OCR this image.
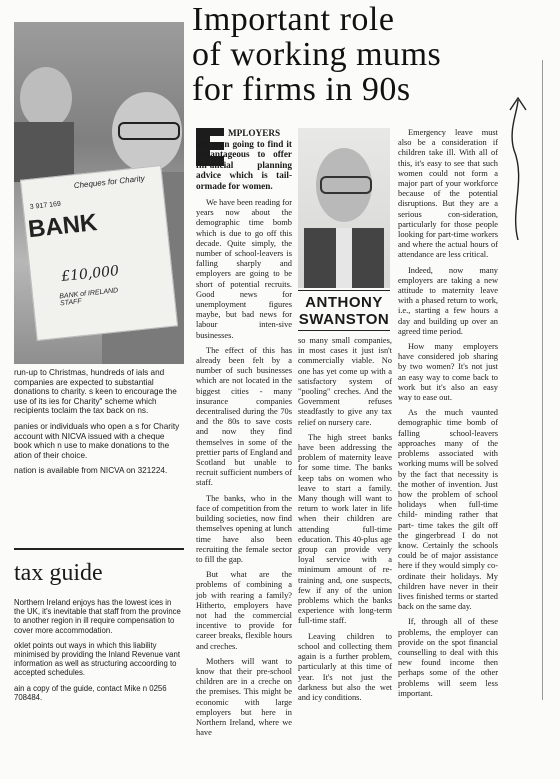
Cheques for Charity
3 917 169
BANK
£10,000
BANK of IRELAND STAFF

run-up to Christmas, hundreds of ials and companies are expected to substantial donations to charity. s keen to encourage the use of its ies for Charity" scheme which recipients toclaim the tax back on ns.

panies or individuals who open a s for Charity account with NICVA issued with a cheque book which n use to make donations to the ation of their choice.

nation is available from NICVA on 321224.

tax guide

Northern Ireland enjoys has the lowest ices in the UK, it's inevitable that staff from the province to another region in ill require compensation to cover more accommodation.

oklet points out ways in which this liability minimised by providing the Inland Revenue vant information as well as structuring accoording to accepted schedules.

ain a copy of the guide, contact Mike n 0256 708484.

Important role
of working mums
for firms in 90s
MPLOYERS are soon going to find it advantageous to offer fin-ancial planning advice which is tail-ormade for women.

We have been reading for years now about the demographic time bomb which is due to go off this decade. Quite simply, the number of school-leavers is falling sharply and employers are going to be short of potential recruits. Good news for unemployment figures maybe, but bad news for labour inten-sive businesses.

The effect of this has already been felt by a number of such businesses which are not located in the biggest cities - many insurance companies decentralised during the 70s and the 80s to save costs and now they find themselves in some of the prettier parts of England and Scotland but unable to recruit sufficient numbers of staff.

The banks, who in the face of competition from the building societies, now find themselves opening at lunch time have also been recruiting the female sector to fill the gap.

But what are the problems of combining a job with rearing a family? Hitherto, employers have not had the commercial incentive to provide for career breaks, flexible hours and creches.

Mothers will want to know that their pre-school children are in a creche on the premises. This might be economic with large employers but here in Northern Ireland, where we have

ANTHONY
SWANSTON

so many small companies, in most cases it just isn't commercially viable. No one has yet come up with a satisfactory system of "pooling" creches. And the Government refuses steadfastly to give any tax relief on nursery care.

The high street banks have been addressing the problem of maternity leave for some time. The banks keep tabs on women who leave to start a family. Many though will want to return to work later in life when their children are attending full-time education. This 40-plus age group can provide very loyal service with a minimum amount of re-training and, one suspects, few if any of the union problems which the banks experience with long-term full-time staff.

Leaving children to school and collecting them again is a further problem, particularly at this time of year. It's not just the darkness but also the wet and icy conditions.

Emergency leave must also be a consideration if children take ill. With all of this, it's easy to see that such women could not form a major part of your workforce because of the potential disruptions. But they are a serious con-sideration, particularly for those people looking for part-time workers and where the actual hours of attendance are less critical.

Indeed, now many employers are taking a new attitude to maternity leave with a phased return to work, i.e., starting a few hours a day and building up over an agreed time period.

How many employers have considered job sharing by two women? It's not just an easy way to come back to work but it's also an easy way to ease out.

As the much vaunted demographic time bomb of falling school-leavers approaches many of the problems associated with working mums will be solved by the fact that necessity is the mother of invention. Just how the problem of school holidays when full-time child- minding rather that part- time takes the gilt off the gingerbread I do not know. Certainly the schools could be of major assistance here if they would simply co-ordinate their holidays. My children have never in their lives finished terms or started back on the same day.

If, through all of these problems, the employer can provide on the spot financial counselling to deal with this new found income then perhaps some of the other problems will seem less important.
